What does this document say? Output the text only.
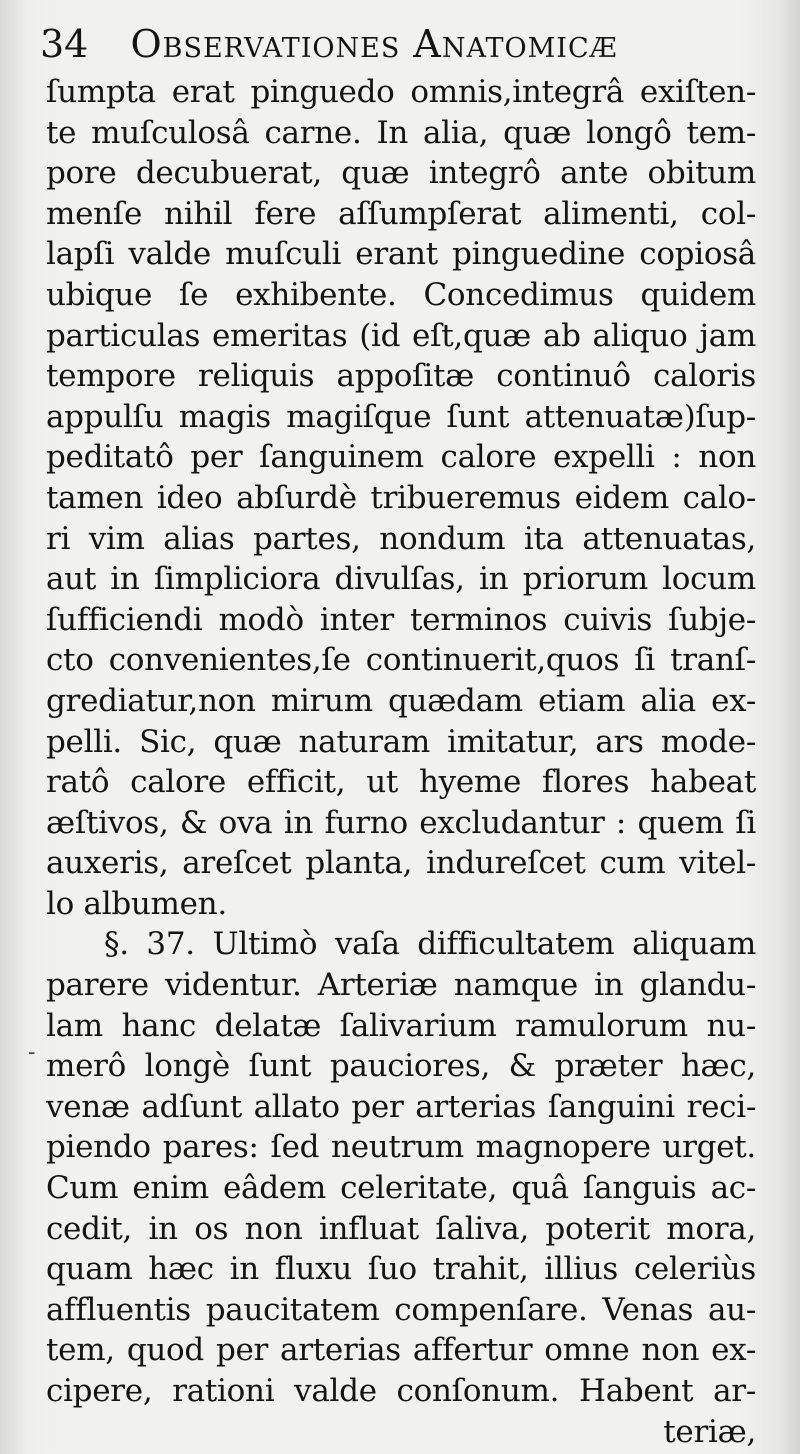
34 Observationes Anatomicæ
-
ſumpta erat pinguedo omnis,integrâ exiſten-
te muſculosâ carne. In alia, quæ longô tem-
pore decubuerat, quæ integrô ante obitum
menſe nihil fere aſſumpſerat alimenti, col-
lapſi valde muſculi erant pinguedine copiosâ
ubique ſe exhibente. Concedimus quidem
particulas emeritas (id eſt,quæ ab aliquo jam
tempore reliquis appoſitæ continuô caloris
appulſu magis magiſque ſunt attenuatæ)ſup-
peditatô per ſanguinem calore expelli : non
tamen ideo abſurdè tribueremus eidem calo-
ri vim alias partes, nondum ita attenuatas,
aut in ſimpliciora divulſas, in priorum locum
ſufficiendi modò inter terminos cuivis ſubje-
cto convenientes,ſe continuerit,quos ſi tranſ-
grediatur,non mirum quædam etiam alia ex-
pelli. Sic, quæ naturam imitatur, ars mode-
ratô calore efficit, ut hyeme flores habeat
æſtivos, & ova in furno excludantur : quem ſi
auxeris, areſcet planta, indureſcet cum vitel-
lo albumen.
§. 37. Ultimò vaſa difficultatem aliquam
parere videntur. Arteriæ namque in glandu-
lam hanc delatæ ſalivarium ramulorum nu-
merô longè ſunt pauciores, & præter hæc,
venæ adſunt allato per arterias ſanguini reci-
piendo pares: ſed neutrum magnopere urget.
Cum enim eâdem celeritate, quâ ſanguis ac-
cedit, in os non influat ſaliva, poterit mora,
quam hæc in fluxu ſuo trahit, illius celeriùs
affluentis paucitatem compenſare. Venas au-
tem, quod per arterias affertur omne non ex-
cipere, rationi valde conſonum. Habent ar-
teriæ,
